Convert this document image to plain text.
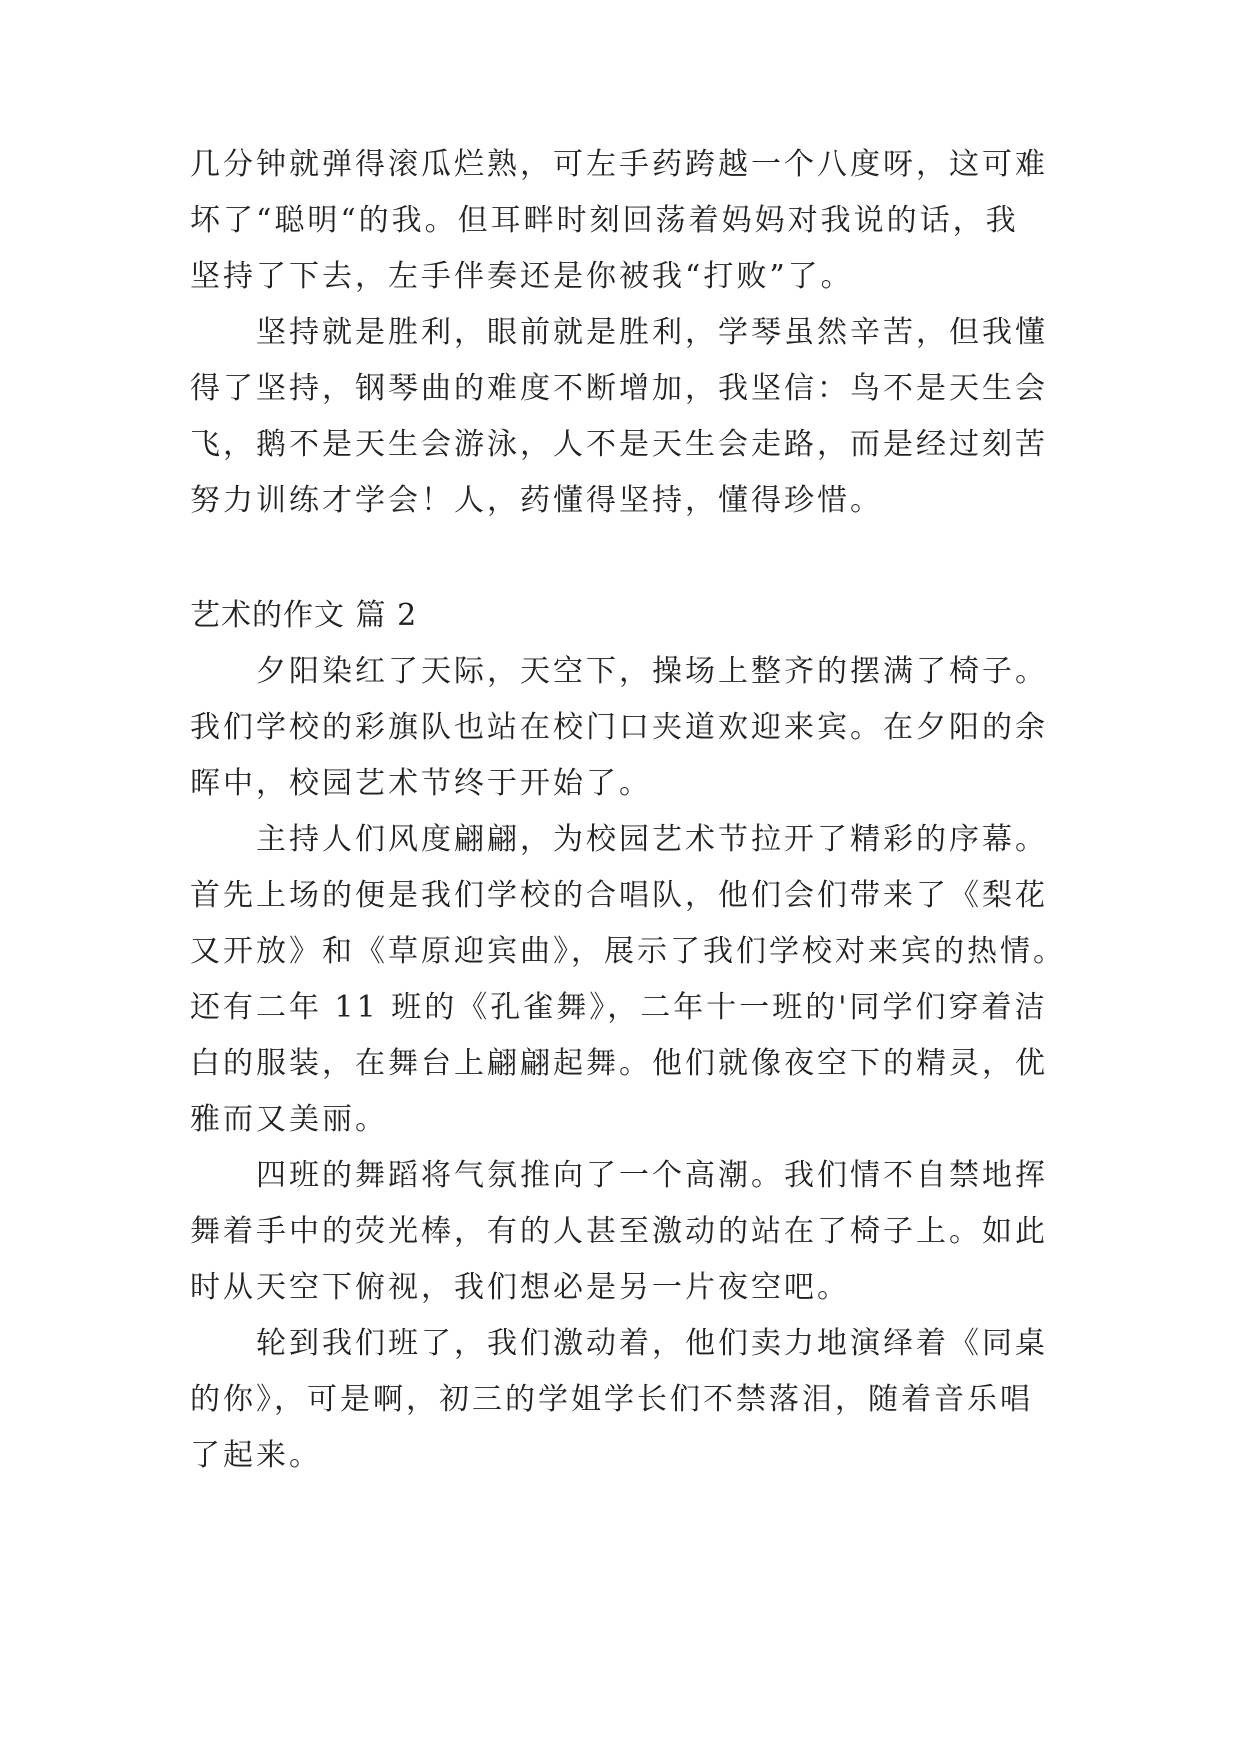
几分钟就弹得滚瓜烂熟，可左手药跨越一个八度呀，这可难
坏了“聪明“的我。但耳畔时刻回荡着妈妈对我说的话，我
坚持了下去，左手伴奏还是你被我“打败”了。
　　坚持就是胜利，眼前就是胜利，学琴虽然辛苦，但我懂
得了坚持，钢琴曲的难度不断增加，我坚信：鸟不是天生会
飞，鹅不是天生会游泳，人不是天生会走路，而是经过刻苦
努力训练才学会！人，药懂得坚持，懂得珍惜。
艺术的作文 篇 2
　　夕阳染红了天际，天空下，操场上整齐的摆满了椅子。
我们学校的彩旗队也站在校门口夹道欢迎来宾。在夕阳的余
晖中，校园艺术节终于开始了。
　　主持人们风度翩翩，为校园艺术节拉开了精彩的序幕。
首先上场的便是我们学校的合唱队，他们会们带来了《梨花
又开放》和《草原迎宾曲》，展示了我们学校对来宾的热情。
还有二年 11 班的《孔雀舞》，二年十一班的'同学们穿着洁
白的服装，在舞台上翩翩起舞。他们就像夜空下的精灵，优
雅而又美丽。
　　四班的舞蹈将气氛推向了一个高潮。我们情不自禁地挥
舞着手中的荧光棒，有的人甚至激动的站在了椅子上。如此
时从天空下俯视，我们想必是另一片夜空吧。
　　轮到我们班了，我们激动着，他们卖力地演绎着《同桌
的你》，可是啊，初三的学姐学长们不禁落泪，随着音乐唱
了起来。
